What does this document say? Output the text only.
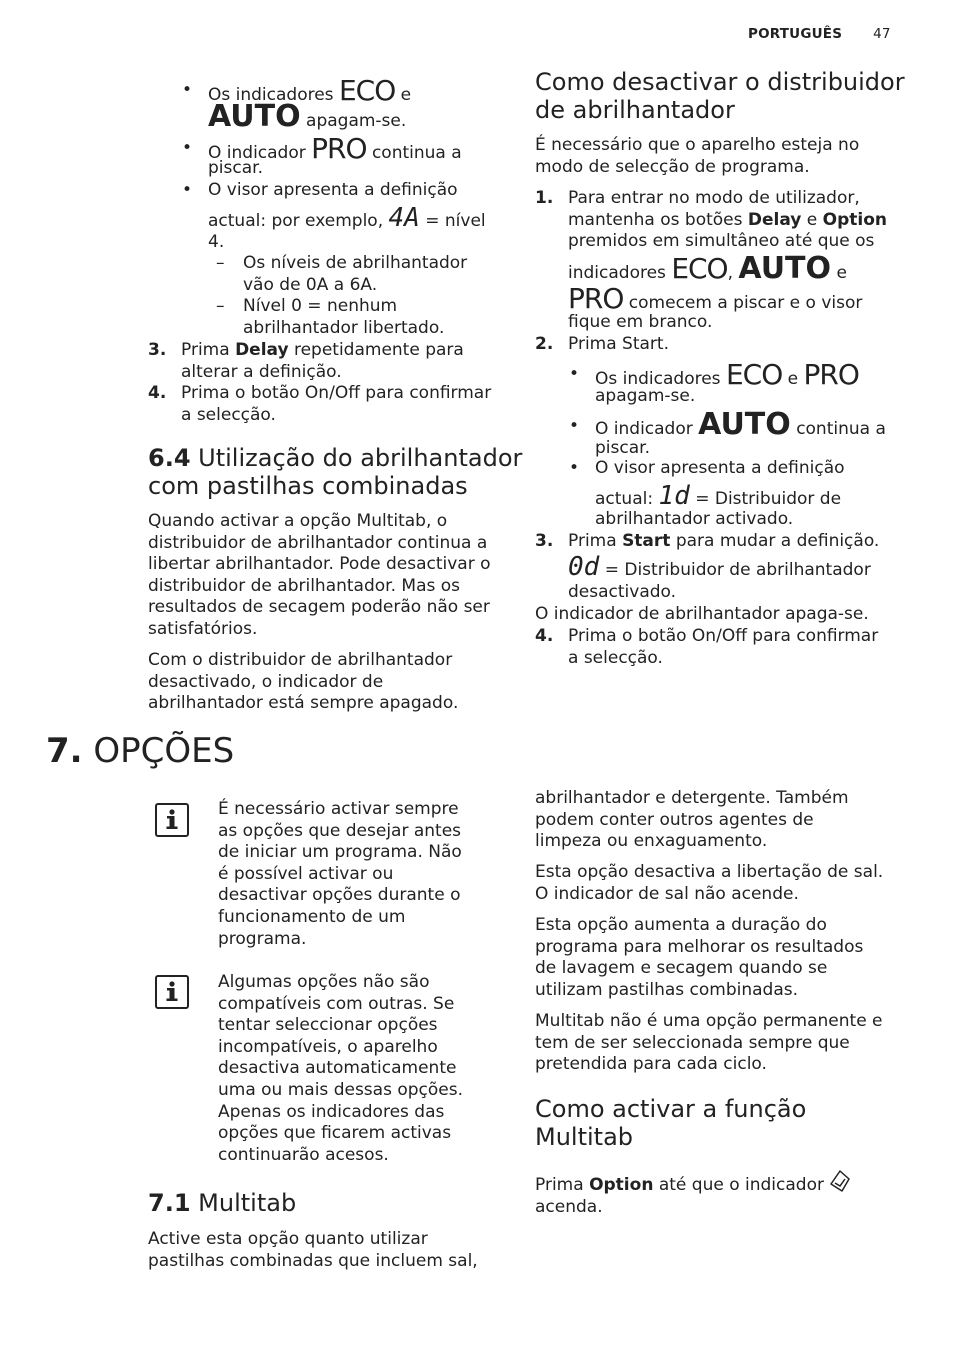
PORTUGUÊS 47
• Os indicadores ECO e
AUTO apagam-se.
• O indicador PRO continua a
piscar.
• O visor apresenta a definição
actual: por exemplo, 4A = nível
4.
– Os níveis de abrilhantador
vão de 0A a 6A.
– Nível 0 = nenhum
abrilhantador libertado.
3. Prima Delay repetidamente para
alterar a definição.
4. Prima o botão On/Off para confirmar
a selecção.
6.4 Utilização do abrilhantador
com pastilhas combinadas
Quando activar a opção Multitab, o
distribuidor de abrilhantador continua a
libertar abrilhantador. Pode desactivar o
distribuidor de abrilhantador. Mas os
resultados de secagem poderão não ser
satisfatórios.
Com o distribuidor de abrilhantador
desactivado, o indicador de
abrilhantador está sempre apagado.
Como desactivar o distribuidor
de abrilhantador
É necessário que o aparelho esteja no
modo de selecção de programa.
1. Para entrar no modo de utilizador,
mantenha os botões Delay e Option
premidos em simultâneo até que os
indicadores ECO, AUTO e
PRO comecem a piscar e o visor
fique em branco.
2. Prima Start.
• Os indicadores ECO e PRO
apagam-se.
• O indicador AUTO continua a
piscar.
• O visor apresenta a definição
actual: 1d = Distribuidor de
abrilhantador activado.
3. Prima Start para mudar a definição.
0d = Distribuidor de abrilhantador
desactivado.
O indicador de abrilhantador apaga-se.
4. Prima o botão On/Off para confirmar
a selecção.
7. OPÇÕES
É necessário activar sempre
as opções que desejar antes
de iniciar um programa. Não
é possível activar ou
desactivar opções durante o
funcionamento de um
programa.
Algumas opções não são
compatíveis com outras. Se
tentar seleccionar opções
incompatíveis, o aparelho
desactiva automaticamente
uma ou mais dessas opções.
Apenas os indicadores das
opções que ficarem activas
continuarão acesos.
7.1 Multitab
Active esta opção quanto utilizar
pastilhas combinadas que incluem sal,
abrilhantador e detergente. Também
podem conter outros agentes de
limpeza ou enxaguamento.
Esta opção desactiva a libertação de sal.
O indicador de sal não acende.
Esta opção aumenta a duração do
programa para melhorar os resultados
de lavagem e secagem quando se
utilizam pastilhas combinadas.
Multitab não é uma opção permanente e
tem de ser seleccionada sempre que
pretendida para cada ciclo.
Como activar a função
Multitab
Prima Option até que o indicador
acenda.
